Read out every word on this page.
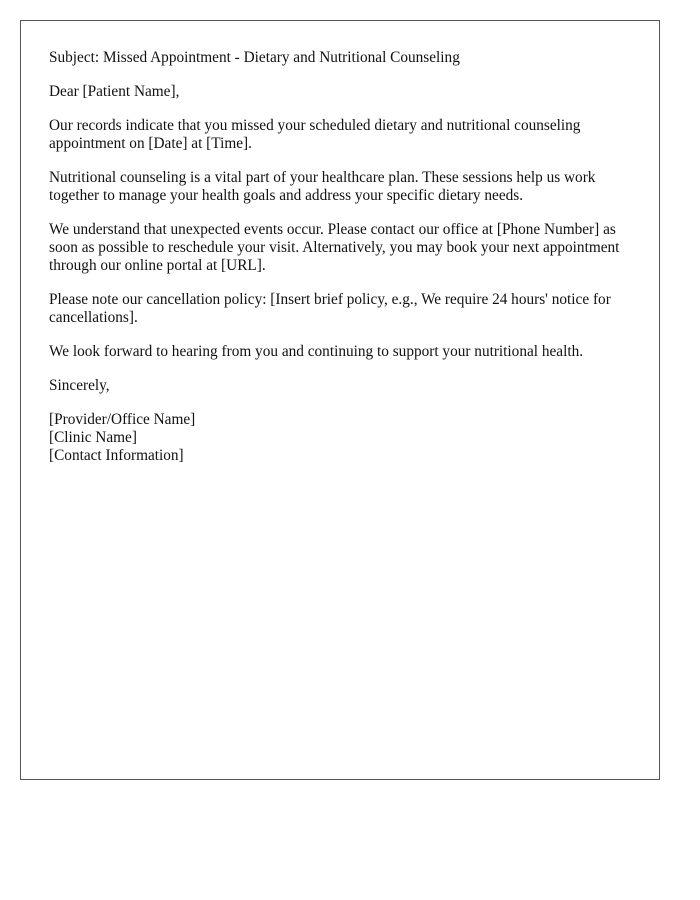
Subject: Missed Appointment - Dietary and Nutritional Counseling

Dear [Patient Name],

Our records indicate that you missed your scheduled dietary and nutritional counseling appointment on [Date] at [Time].

Nutritional counseling is a vital part of your healthcare plan. These sessions help us work together to manage your health goals and address your specific dietary needs.

We understand that unexpected events occur. Please contact our office at [Phone Number] as soon as possible to reschedule your visit. Alternatively, you may book your next appointment through our online portal at [URL].

Please note our cancellation policy: [Insert brief policy, e.g., We require 24 hours' notice for cancellations].

We look forward to hearing from you and continuing to support your nutritional health.

Sincerely,

[Provider/Office Name]
[Clinic Name]
[Contact Information]
